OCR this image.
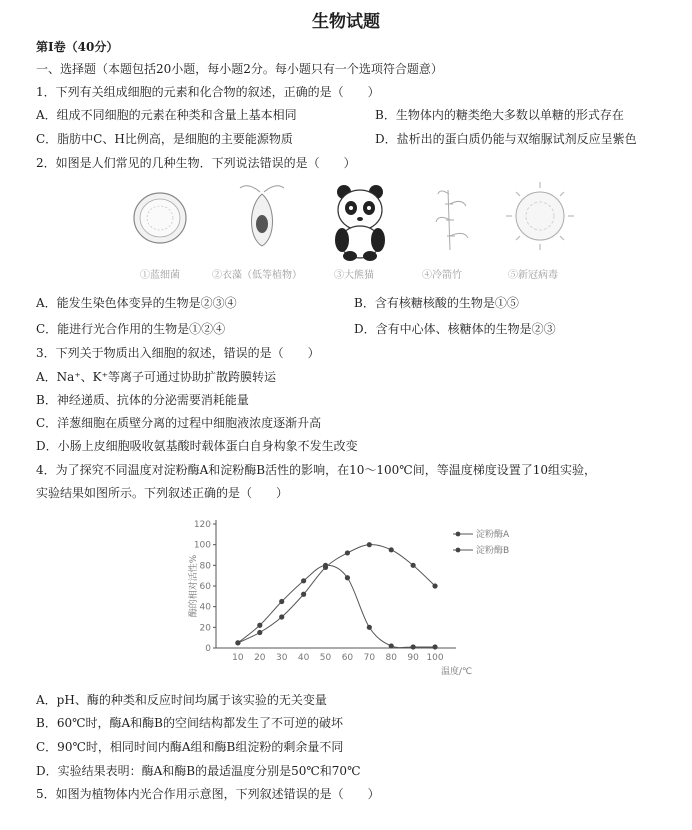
生物试题
第Ⅰ卷（40分）
一、选择题（本题包括20小题，每小题2分。每小题只有一个选项符合题意）
1．下列有关组成细胞的元素和化合物的叙述，正确的是（　　）
A．组成不同细胞的元素在种类和含量上基本相同	B．生物体内的糖类绝大多数以单糖的形式存在
C．脂肪中C、H比例高，是细胞的主要能源物质	D．盐析出的蛋白质仍能与双缩脲试剂反应呈紫色
2．如图是人们常见的几种生物．下列说法错误的是（　　）
①蓝细菌	②衣藻（低等植物）	③大熊猫	④冷箭竹	⑤新冠病毒
A．能发生染色体变异的生物是②③④	B．含有核糖核酸的生物是①⑤
C．能进行光合作用的生物是①②④	D．含有中心体、核糖体的生物是②③
3．下列关于物质出入细胞的叙述，错误的是（　　）
A．Na⁺、K⁺等离子可通过协助扩散跨膜转运
B．神经递质、抗体的分泌需要消耗能量
C．洋葱细胞在质壁分离的过程中细胞液浓度逐渐升高
D．小肠上皮细胞吸收氨基酸时载体蛋白自身构象不发生改变
4．为了探究不同温度对淀粉酶A和淀粉酶B活性的影响，在10～100℃间，等温度梯度设置了10组实验，
实验结果如图所示。下列叙述正确的是（　　）
0
20
40
60
80
100
120
10 20 30 40 50 60 70 80 90 100
酶的相对活性%
温度/℃
淀粉酶A
淀粉酶B
A．pH、酶的种类和反应时间均属于该实验的无关变量
B．60℃时，酶A和酶B的空间结构都发生了不可逆的破坏
C．90℃时，相同时间内酶A组和酶B组淀粉的剩余量不同
D．实验结果表明：酶A和酶B的最适温度分别是50℃和70℃
5．如图为植物体内光合作用示意图，下列叙述错误的是（　　）
